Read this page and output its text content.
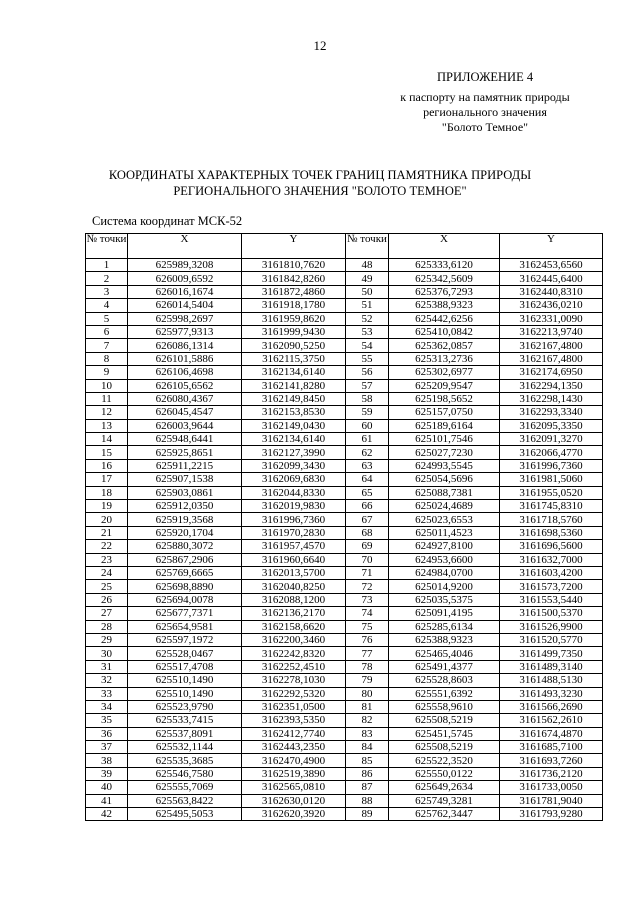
12
ПРИЛОЖЕНИЕ 4
к паспорту на памятник природы
регионального значения
"Болото Темное"
КООРДИНАТЫ ХАРАКТЕРНЫХ ТОЧЕК ГРАНИЦ ПАМЯТНИКА ПРИРОДЫ
РЕГИОНАЛЬНОГО ЗНАЧЕНИЯ "БОЛОТО ТЕМНОЕ"
Система координат МСК-52
№ точки	X	Y	№ точки	X	Y
1	625989,3208	3161810,7620	48	625333,6120	3162453,6560
2	626009,6592	3161842,8260	49	625342,5609	3162445,6400
3	626016,1674	3161872,4860	50	625376,7293	3162440,8310
4	626014,5404	3161918,1780	51	625388,9323	3162436,0210
5	625998,2697	3161959,8620	52	625442,6256	3162331,0090
6	625977,9313	3161999,9430	53	625410,0842	3162213,9740
7	626086,1314	3162090,5250	54	625362,0857	3162167,4800
8	626101,5886	3162115,3750	55	625313,2736	3162167,4800
9	626106,4698	3162134,6140	56	625302,6977	3162174,6950
10	626105,6562	3162141,8280	57	625209,9547	3162294,1350
11	626080,4367	3162149,8450	58	625198,5652	3162298,1430
12	626045,4547	3162153,8530	59	625157,0750	3162293,3340
13	626003,9644	3162149,0430	60	625189,6164	3162095,3350
14	625948,6441	3162134,6140	61	625101,7546	3162091,3270
15	625925,8651	3162127,3990	62	625027,7230	3162066,4770
16	625911,2215	3162099,3430	63	624993,5545	3161996,7360
17	625907,1538	3162069,6830	64	625054,5696	3161981,5060
18	625903,0861	3162044,8330	65	625088,7381	3161955,0520
19	625912,0350	3162019,9830	66	625024,4689	3161745,8310
20	625919,3568	3161996,7360	67	625023,6553	3161718,5760
21	625920,1704	3161970,2830	68	625011,4523	3161698,5360
22	625880,3072	3161957,4570	69	624927,8100	3161696,5600
23	625867,2906	3161960,6640	70	624953,6600	3161632,7000
24	625769,6665	3162013,5700	71	624984,0700	3161603,4200
25	625698,8890	3162040,8250	72	625014,9200	3161573,7200
26	625694,0078	3162088,1200	73	625035,5375	3161553,5440
27	625677,7371	3162136,2170	74	625091,4195	3161500,5370
28	625654,9581	3162158,6620	75	625285,6134	3161526,9900
29	625597,1972	3162200,3460	76	625388,9323	3161520,5770
30	625528,0467	3162242,8320	77	625465,4046	3161499,7350
31	625517,4708	3162252,4510	78	625491,4377	3161489,3140
32	625510,1490	3162278,1030	79	625528,8603	3161488,5130
33	625510,1490	3162292,5320	80	625551,6392	3161493,3230
34	625523,9790	3162351,0500	81	625558,9610	3161566,2690
35	625533,7415	3162393,5350	82	625508,5219	3161562,2610
36	625537,8091	3162412,7740	83	625451,5745	3161674,4870
37	625532,1144	3162443,2350	84	625508,5219	3161685,7100
38	625535,3685	3162470,4900	85	625522,3520	3161693,7260
39	625546,7580	3162519,3890	86	625550,0122	3161736,2120
40	625555,7069	3162565,0810	87	625649,2634	3161733,0050
41	625563,8422	3162630,0120	88	625749,3281	3161781,9040
42	625495,5053	3162620,3920	89	625762,3447	3161793,9280
